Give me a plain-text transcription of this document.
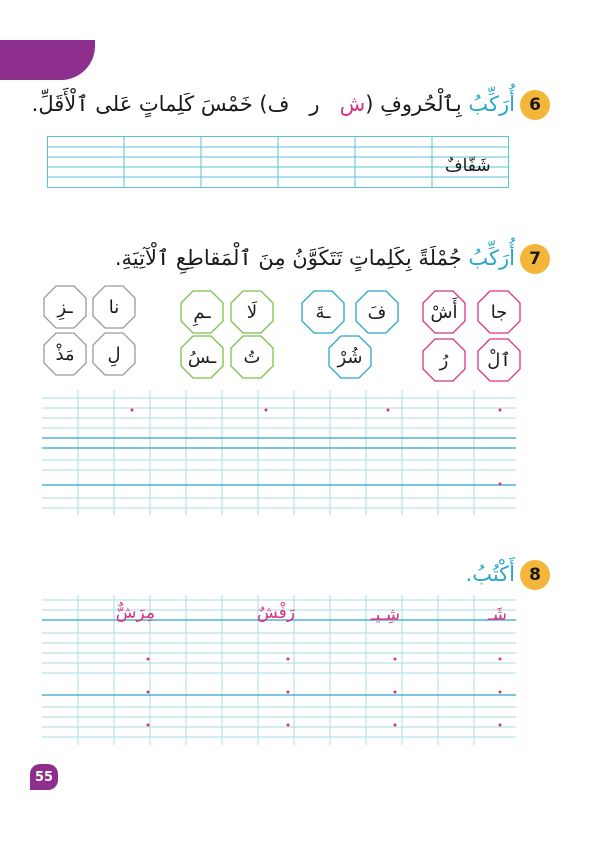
6
أُرَكِّبُ بِٱلْحُروفِ (ش   ر   ف) خَمْسَ كَلِماتٍ عَلى ٱلْأَقَلِّ.
شَفّافٌ
7
أُرَكِّبُ جُمْلَةً بِكَلِماتٍ تَتَكَوَّنُ مِنَ ٱلْمَقاطِعِ ٱلْآتِيَةِ.
جا
أَشْ
ٱلْ
رُ
فَ
ـةَ
شُرْ
لَا
ـمِ
تُ
ـسُ
نا
ـزِ
لِ
مَذْ
8
أَكْتُبُ.
شَـ
شِـيـ
رَفْشٌ
مِرَشٌّ
55
